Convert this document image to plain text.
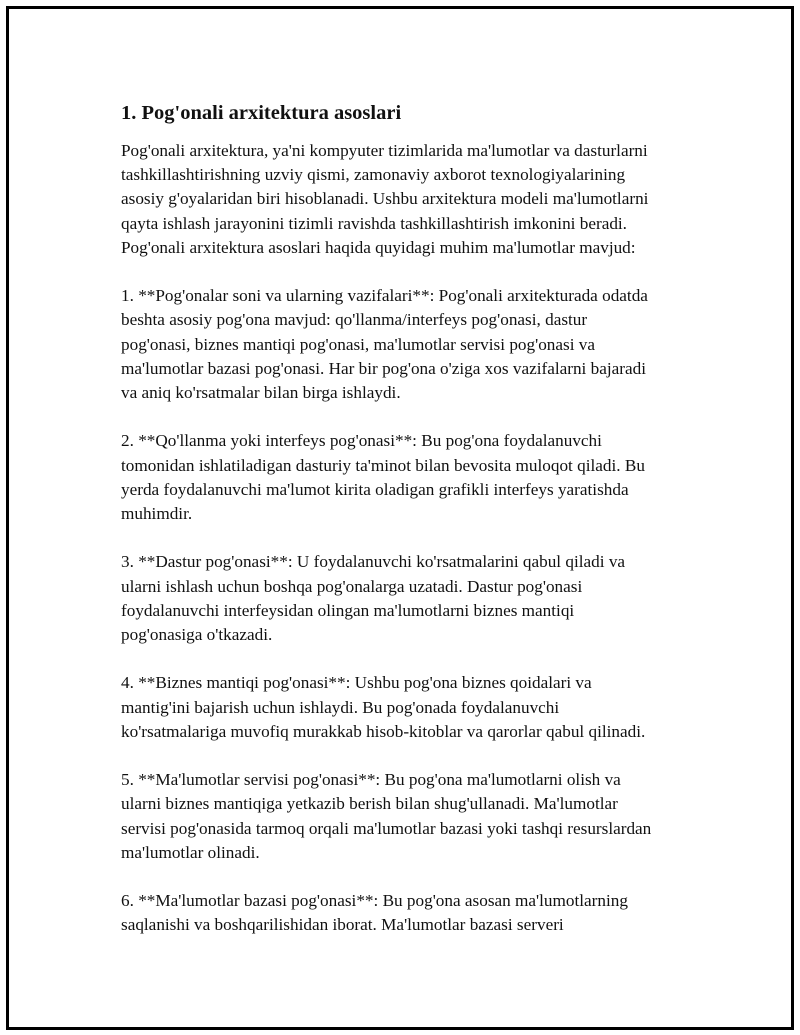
1. Pog'onali arxitektura asoslari

Pog'onali arxitektura, ya'ni kompyuter tizimlarida ma'lumotlar va dasturlarni
tashkillashtirishning uzviy qismi, zamonaviy axborot texnologiyalarining
asosiy g'oyalaridan biri hisoblanadi. Ushbu arxitektura modeli ma'lumotlarni
qayta ishlash jarayonini tizimli ravishda tashkillashtirish imkonini beradi.
Pog'onali arxitektura asoslari haqida quyidagi muhim ma'lumotlar mavjud:

1. **Pog'onalar soni va ularning vazifalari**: Pog'onali arxitekturada odatda
beshta asosiy pog'ona mavjud: qo'llanma/interfeys pog'onasi, dastur
pog'onasi, biznes mantiqi pog'onasi, ma'lumotlar servisi pog'onasi va
ma'lumotlar bazasi pog'onasi. Har bir pog'ona o'ziga xos vazifalarni bajaradi
va aniq ko'rsatmalar bilan birga ishlaydi.

2. **Qo'llanma yoki interfeys pog'onasi**: Bu pog'ona foydalanuvchi
tomonidan ishlatiladigan dasturiy ta'minot bilan bevosita muloqot qiladi. Bu
yerda foydalanuvchi ma'lumot kirita oladigan grafikli interfeys yaratishda
muhimdir.

3. **Dastur pog'onasi**: U foydalanuvchi ko'rsatmalarini qabul qiladi va
ularni ishlash uchun boshqa pog'onalarga uzatadi. Dastur pog'onasi
foydalanuvchi interfeysidan olingan ma'lumotlarni biznes mantiqi
pog'onasiga o'tkazadi.

4. **Biznes mantiqi pog'onasi**: Ushbu pog'ona biznes qoidalari va
mantig'ini bajarish uchun ishlaydi. Bu pog'onada foydalanuvchi
ko'rsatmalariga muvofiq murakkab hisob-kitoblar va qarorlar qabul qilinadi.

5. **Ma'lumotlar servisi pog'onasi**: Bu pog'ona ma'lumotlarni olish va
ularni biznes mantiqiga yetkazib berish bilan shug'ullanadi. Ma'lumotlar
servisi pog'onasida tarmoq orqali ma'lumotlar bazasi yoki tashqi resurslardan
ma'lumotlar olinadi.

6. **Ma'lumotlar bazasi pog'onasi**: Bu pog'ona asosan ma'lumotlarning
saqlanishi va boshqarilishidan iborat. Ma'lumotlar bazasi serveri
